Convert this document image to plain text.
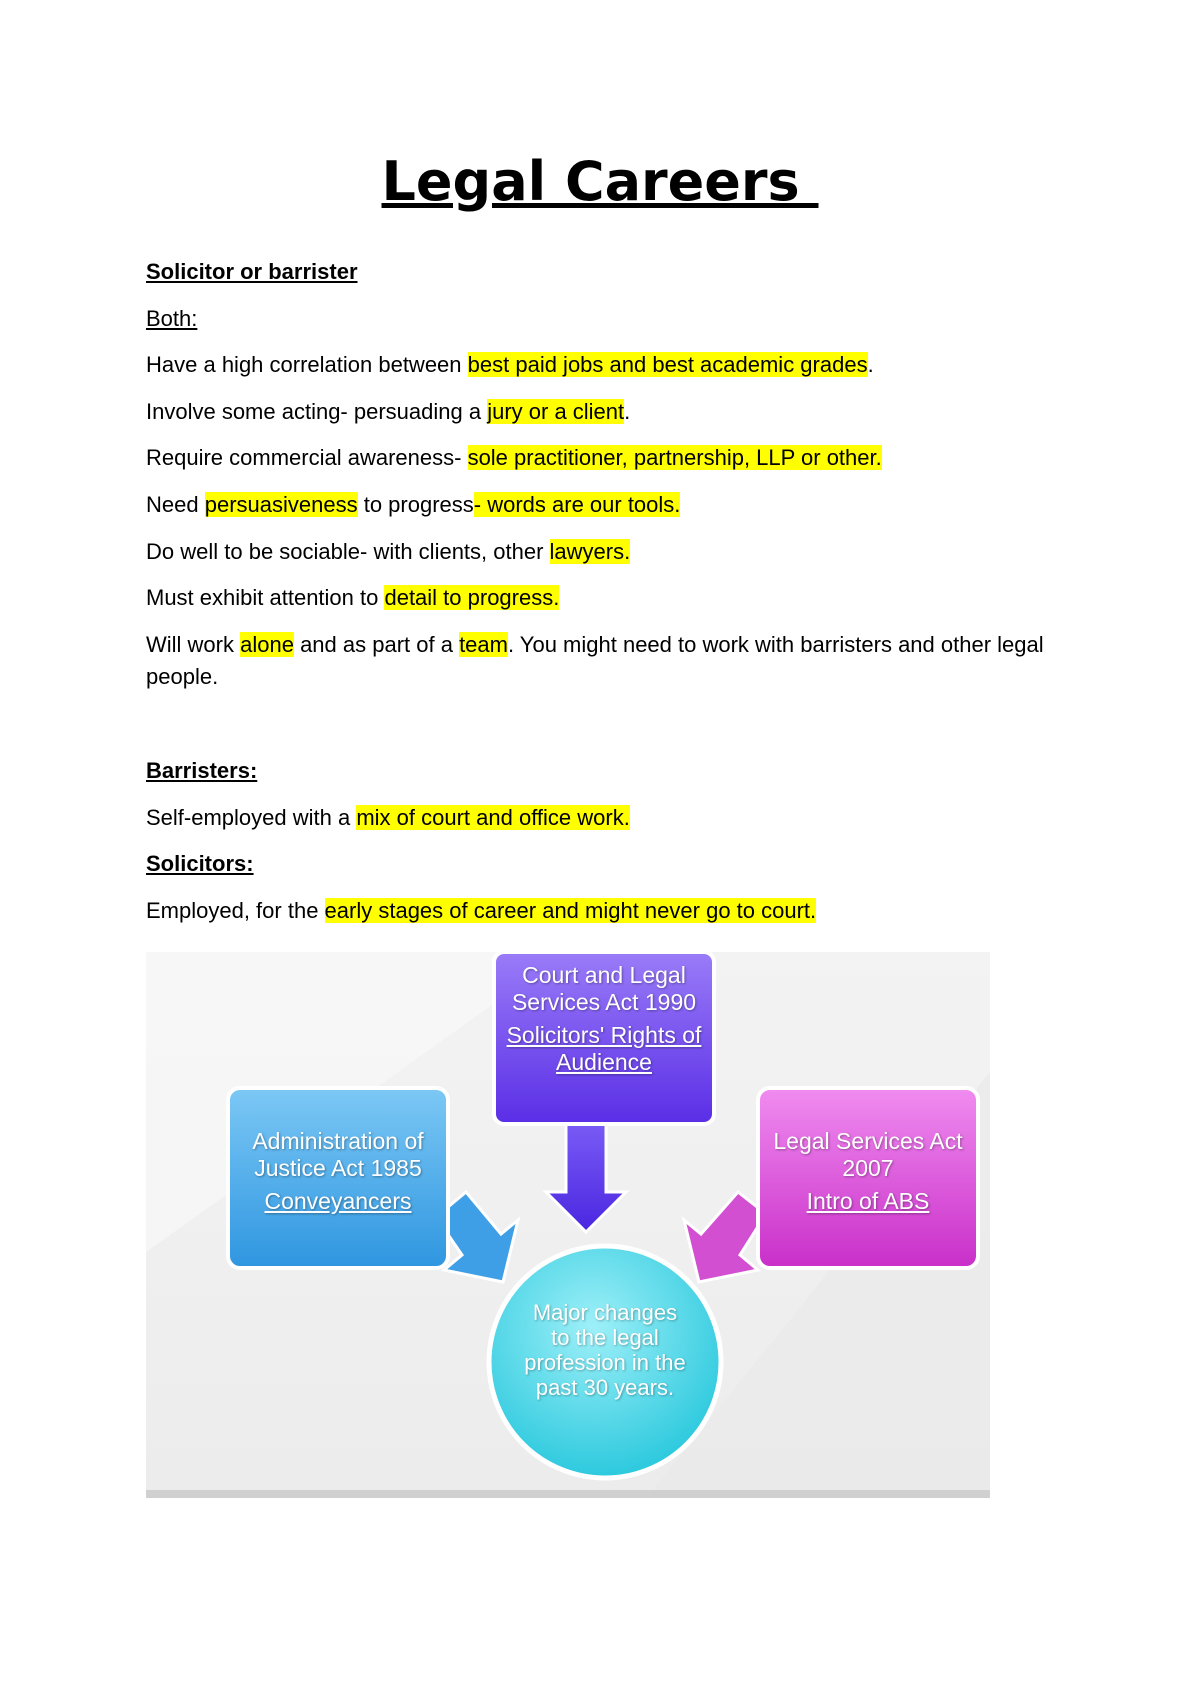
Legal Careers
Solicitor or barrister
Both:
Have a high correlation between best paid jobs and best academic grades.
Involve some acting- persuading a jury or a client.
Require commercial awareness- sole practitioner, partnership, LLP or other.
Need persuasiveness to progress- words are our tools.
Do well to be sociable- with clients, other lawyers.
Must exhibit attention to detail to progress.
Will work alone and as part of a team. You might need to work with barristers and other legal people.
Barristers:
Self-employed with a mix of court and office work.
Solicitors:
Employed, for the early stages of career and might never go to court.
Administration of Justice Act 1985
Conveyancers
Court and Legal Services Act 1990
Solicitors' Rights of Audience
Legal Services Act 2007
Intro of ABS
Major changes to the legal profession in the past 30 years.
